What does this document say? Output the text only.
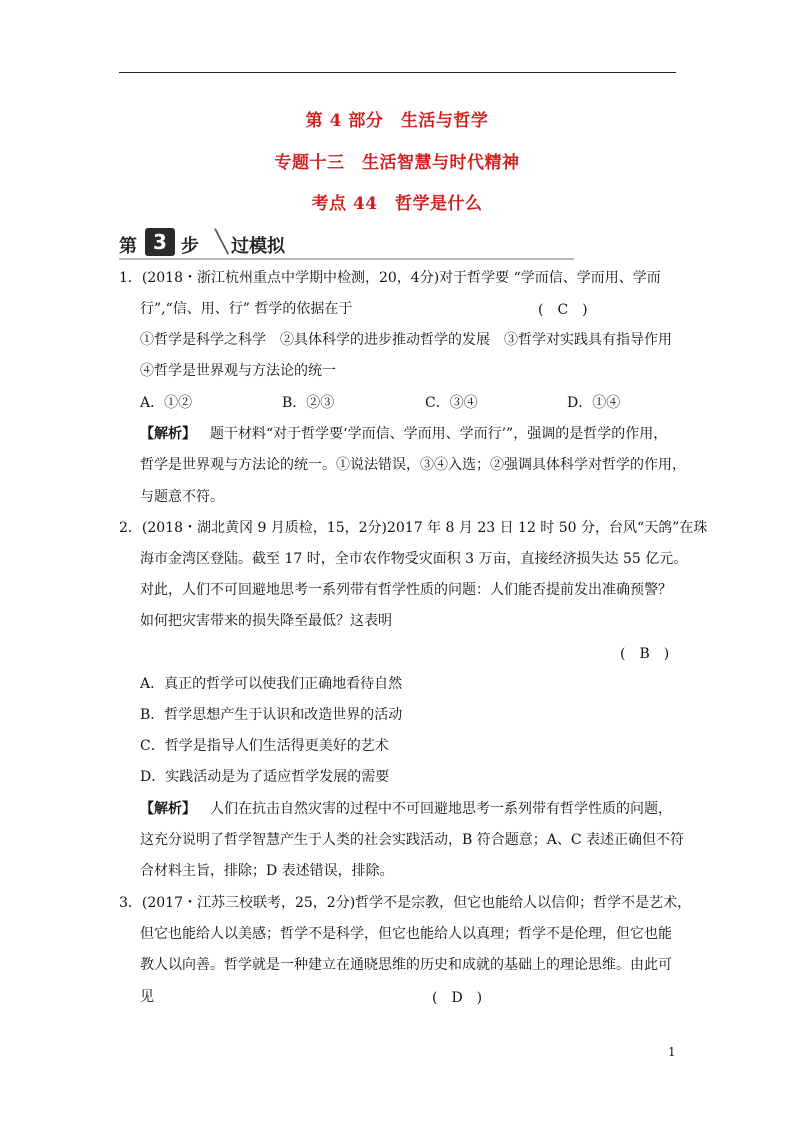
第 4 部分　生活与哲学
专题十三　生活智慧与时代精神
考点 44　哲学是什么
第 3 步 ╲ 过模拟
1．(2018・浙江杭州重点中学期中检测，20，4分)对于哲学要 “学而信、学而用、学而
行”,“信、用、行” 哲学的依据在于	(　C　)
①哲学是科学之科学　②具体科学的进步推动哲学的发展　③哲学对实践具有指导作用
④哲学是世界观与方法论的统一
A．①②	B．②③	C．③④	D．①④
【解析】 题干材料“对于哲学要‘学而信、学而用、学而行’”，强调的是哲学的作用，
哲学是世界观与方法论的统一。①说法错误，③④入选；②强调具体科学对哲学的作用，
与题意不符。
2．(2018・湖北黄冈 9 月质检，15，2分)2017 年 8 月 23 日 12 时 50 分，台风“天鸽”在珠
海市金湾区登陆。截至 17 时，全市农作物受灾面积 3 万亩，直接经济损失达 55 亿元。
对此，人们不可回避地思考一系列带有哲学性质的问题：人们能否提前发出准确预警？
如何把灾害带来的损失降至最低？这表明
(　B　)
A．真正的哲学可以使我们正确地看待自然
B．哲学思想产生于认识和改造世界的活动
C．哲学是指导人们生活得更美好的艺术
D．实践活动是为了适应哲学发展的需要
【解析】 人们在抗击自然灾害的过程中不可回避地思考一系列带有哲学性质的问题，
这充分说明了哲学智慧产生于人类的社会实践活动，B 符合题意；A、C 表述正确但不符
合材料主旨，排除；D 表述错误，排除。
3．(2017・江苏三校联考，25，2分)哲学不是宗教，但它也能给人以信仰；哲学不是艺术，
但它也能给人以美感；哲学不是科学，但它也能给人以真理；哲学不是伦理，但它也能
教人以向善。哲学就是一种建立在通晓思维的历史和成就的基础上的理论思维。由此可
见	(　D　)
1
